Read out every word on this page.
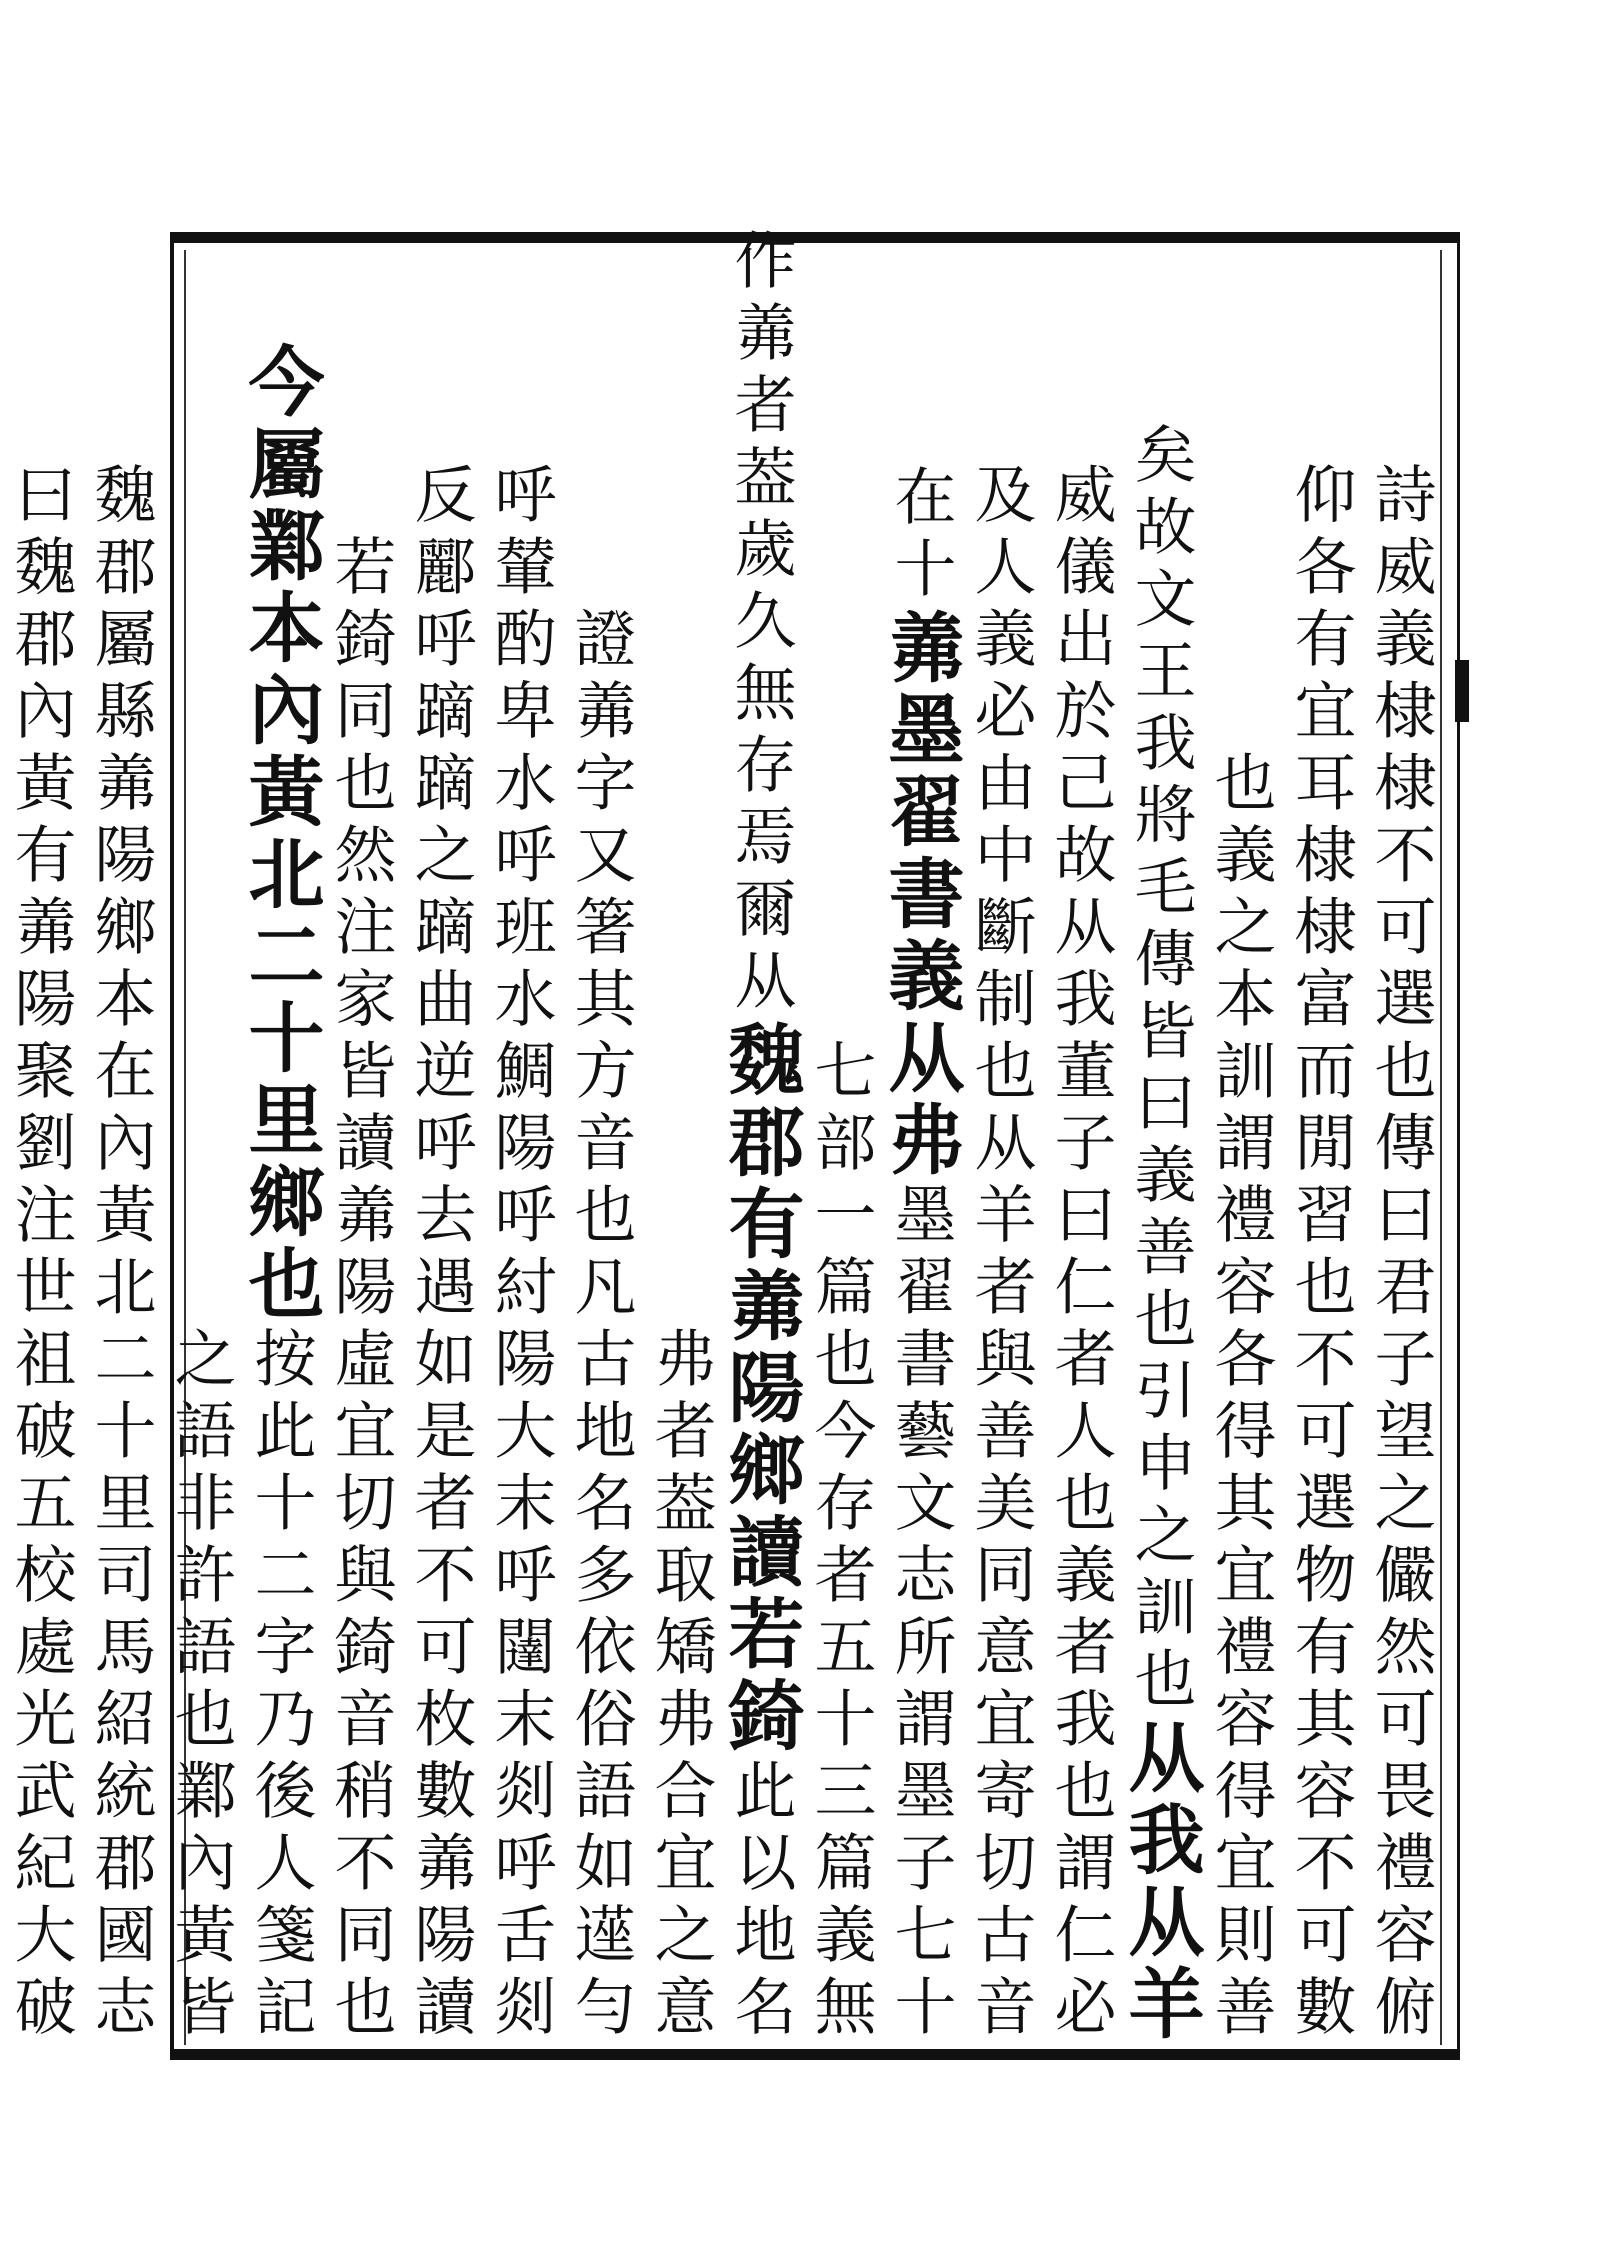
詩威義棣棣不可選也傳曰君子望之儼然可畏禮容俯
仰各有宜耳棣棣富而閒習也不可選物有其容不可數
也義之本訓謂禮容各得其宜禮容得宜則善
矣故文王我將毛傳皆曰義善也引申之訓也从我从羊
威儀出於己故从我董子曰仁者人也義者我也謂仁必
及人義必由中斷制也从羊者與善美同意宜寄切古音
在十羛墨翟書義从弗墨翟書藝文志所謂墨子七十
七部一篇也今存者五十三篇義無
作羛者葢歲久無存焉爾从魏郡有羛陽鄉讀若錡此以地名
弗者葢取矯弗合宜之意
證羛字又箸其方音也凡古地名多依俗語如遳勻
呼輦酌卑水呼班水鯛陽呼紂陽大末呼闥末剡呼舌剡
反酈呼蹢蹢之蹢曲逆呼去遇如是者不可枚數羛陽讀
若錡同也然注家皆讀羛陽虛宜切與錡音稍不同也
今屬鄴本內黃北二十里鄉也按此十二字乃後人箋記
之語非許語也鄴內黃皆
魏郡屬縣羛陽鄉本在內黃北二十里司馬紹統郡國志
曰魏郡內黃有羛陽聚劉注世祖破五校處光武紀大破
